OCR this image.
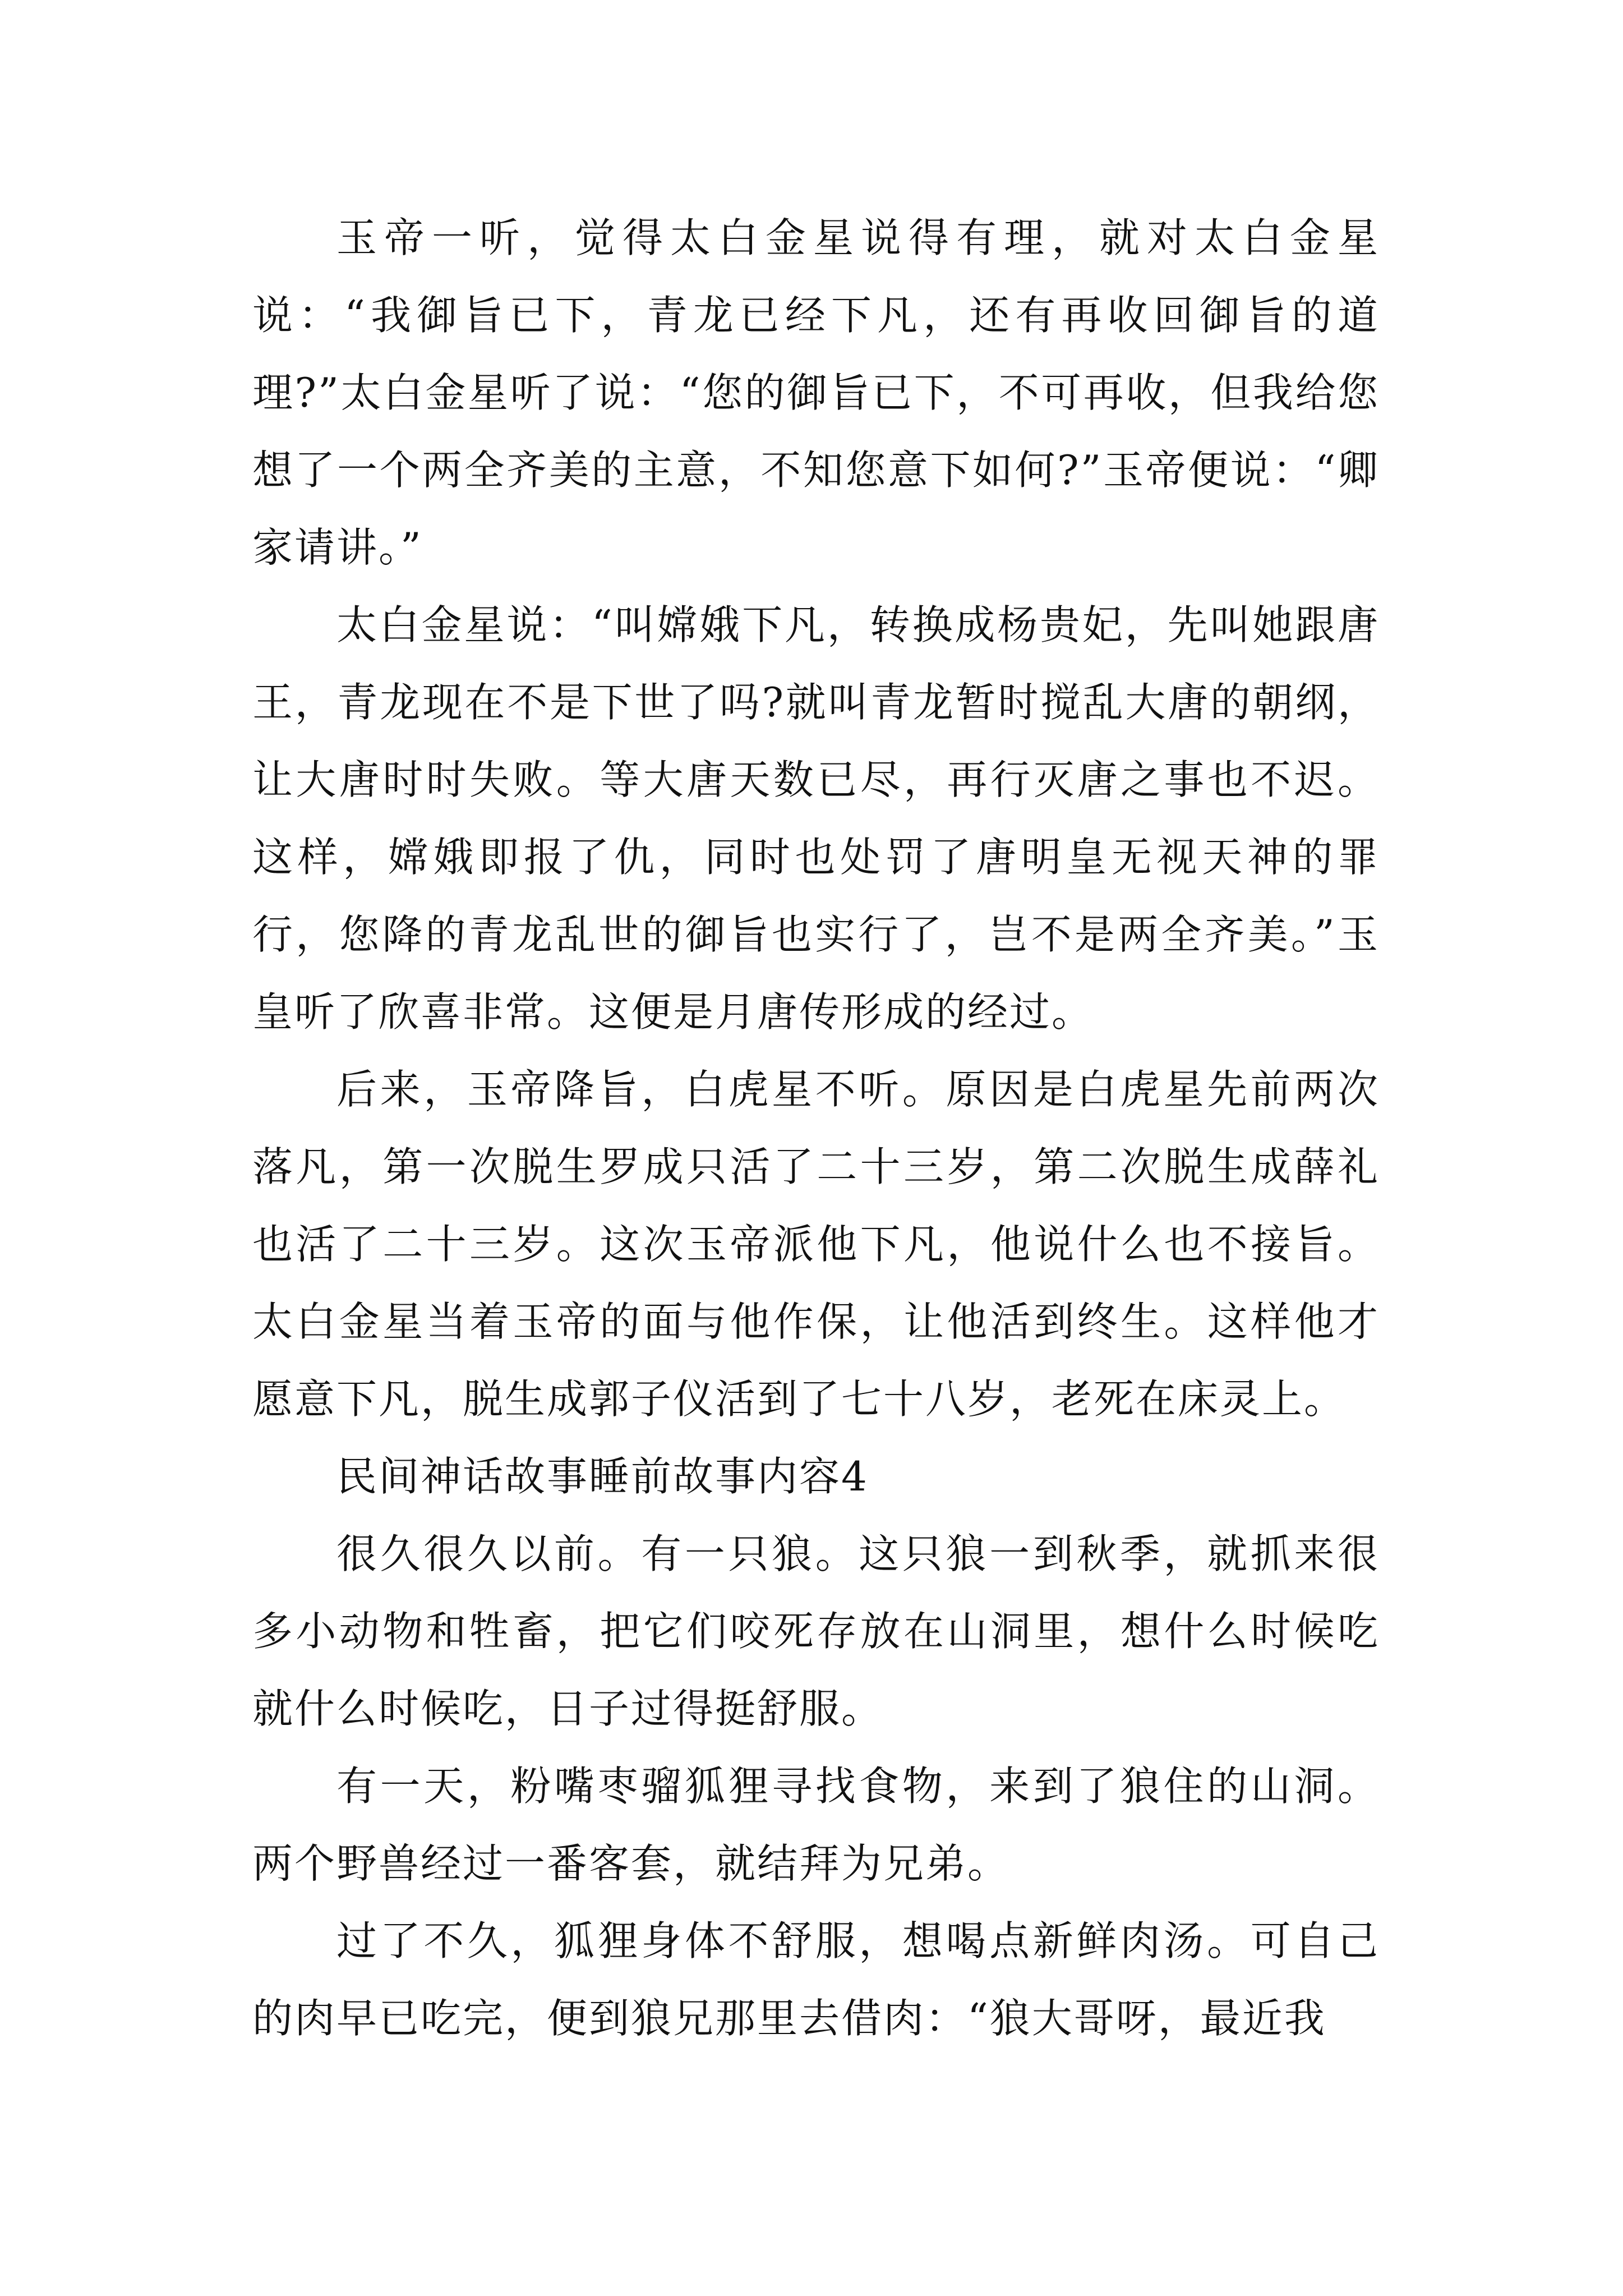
玉帝一听，觉得太白金星说得有理，就对太白金星说：“我御旨已下，青龙已经下凡，还有再收回御旨的道理?”太白金星听了说：“您的御旨已下，不可再收，但我给您想了一个两全齐美的主意，不知您意下如何?”玉帝便说：“卿家请讲。”

太白金星说：“叫嫦娥下凡，转换成杨贵妃，先叫她跟唐王，青龙现在不是下世了吗?就叫青龙暂时搅乱大唐的朝纲，让大唐时时失败。等大唐天数已尽，再行灭唐之事也不迟。这样，嫦娥即报了仇，同时也处罚了唐明皇无视天神的罪行，您降的青龙乱世的御旨也实行了，岂不是两全齐美。”玉皇听了欣喜非常。这便是月唐传形成的经过。

后来，玉帝降旨，白虎星不听。原因是白虎星先前两次落凡，第一次脱生罗成只活了二十三岁，第二次脱生成薛礼也活了二十三岁。这次玉帝派他下凡，他说什么也不接旨。太白金星当着玉帝的面与他作保，让他活到终生。这样他才愿意下凡，脱生成郭子仪活到了七十八岁，老死在床灵上。

民间神话故事睡前故事内容4

很久很久以前。有一只狼。这只狼一到秋季，就抓来很多小动物和牲畜，把它们咬死存放在山洞里，想什么时候吃就什么时候吃，日子过得挺舒服。

有一天，粉嘴枣骝狐狸寻找食物，来到了狼住的山洞。两个野兽经过一番客套，就结拜为兄弟。

过了不久，狐狸身体不舒服，想喝点新鲜肉汤。可自己的肉早已吃完，便到狼兄那里去借肉：“狼大哥呀，最近我
